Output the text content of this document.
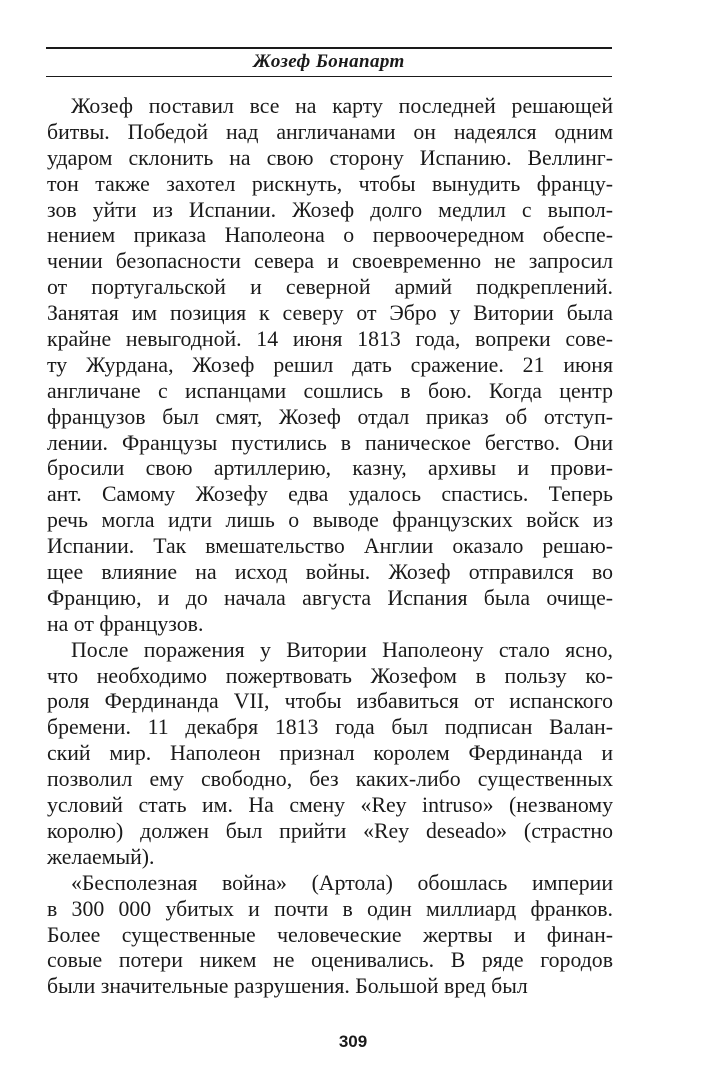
Жозеф Бонапарт
Жозеф поставил все на карту последней решающей
битвы. Победой над англичанами он надеялся одним
ударом склонить на свою сторону Испанию. Веллинг-
тон также захотел рискнуть, чтобы вынудить францу-
зов уйти из Испании. Жозеф долго медлил с выпол-
нением приказа Наполеона о первоочередном обеспе-
чении безопасности севера и своевременно не запросил
от португальской и северной армий подкреплений.
Занятая им позиция к северу от Эбро у Витории была
крайне невыгодной. 14 июня 1813 года, вопреки сове-
ту Журдана, Жозеф решил дать сражение. 21 июня
англичане с испанцами сошлись в бою. Когда центр
французов был смят, Жозеф отдал приказ об отступ-
лении. Французы пустились в паническое бегство. Они
бросили свою артиллерию, казну, архивы и прови-
ант. Самому Жозефу едва удалось спастись. Теперь
речь могла идти лишь о выводе французских войск из
Испании. Так вмешательство Англии оказало решаю-
щее влияние на исход войны. Жозеф отправился во
Францию, и до начала августа Испания была очище-
на от французов.
После поражения у Витории Наполеону стало ясно,
что необходимо пожертвовать Жозефом в пользу ко-
роля Фердинанда VII, чтобы избавиться от испанского
бремени. 11 декабря 1813 года был подписан Валан-
ский мир. Наполеон признал королем Фердинанда и
позволил ему свободно, без каких-либо существенных
условий стать им. На смену «Rey intruso» (незваному
королю) должен был прийти «Rey deseado» (страстно
желаемый).
«Бесполезная война» (Артола) обошлась империи
в 300 000 убитых и почти в один миллиард франков.
Более существенные человеческие жертвы и финан-
совые потери никем не оценивались. В ряде городов
были значительные разрушения. Большой вред был
309
